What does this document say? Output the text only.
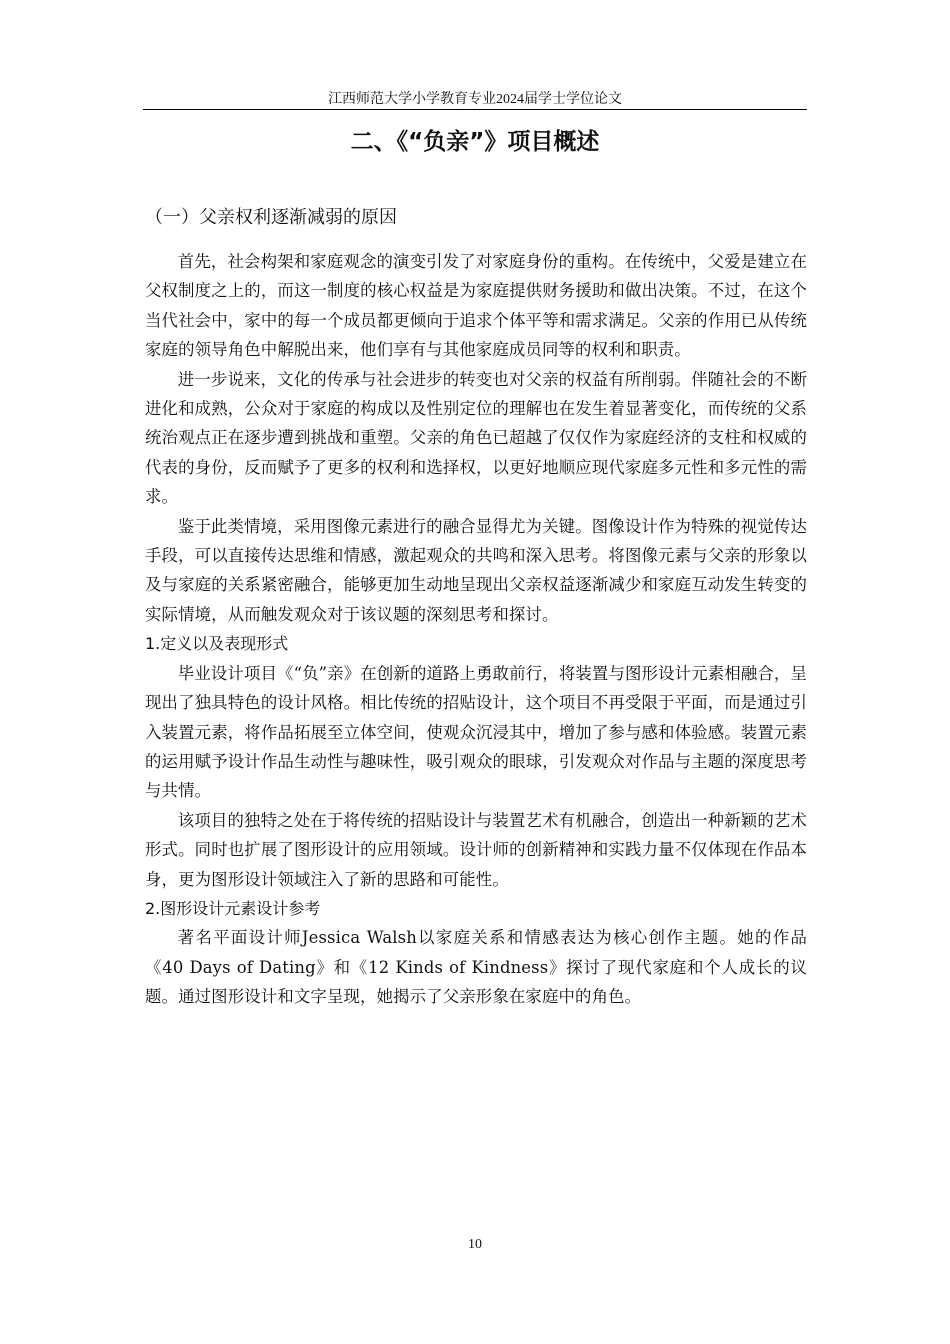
江西师范大学小学教育专业2024届学士学位论文
二、《“负亲”》项目概述
（一）父亲权利逐渐减弱的原因

首先，社会构架和家庭观念的演变引发了对家庭身份的重构。在传统中，父爱是建立在父权制度之上的，而这一制度的核心权益是为家庭提供财务援助和做出决策。不过，在这个当代社会中，家中的每一个成员都更倾向于追求个体平等和需求满足。父亲的作用已从传统家庭的领导角色中解脱出来，他们享有与其他家庭成员同等的权利和职责。

进一步说来，文化的传承与社会进步的转变也对父亲的权益有所削弱。伴随社会的不断进化和成熟，公众对于家庭的构成以及性别定位的理解也在发生着显著变化，而传统的父系统治观点正在逐步遭到挑战和重塑。父亲的角色已超越了仅仅作为家庭经济的支柱和权威的代表的身份，反而赋予了更多的权利和选择权，以更好地顺应现代家庭多元性和多元性的需求。

鉴于此类情境，采用图像元素进行的融合显得尤为关键。图像设计作为特殊的视觉传达手段，可以直接传达思维和情感，激起观众的共鸣和深入思考。将图像元素与父亲的形象以及与家庭的关系紧密融合，能够更加生动地呈现出父亲权益逐渐减少和家庭互动发生转变的实际情境，从而触发观众对于该议题的深刻思考和探讨。

1.定义以及表现形式

毕业设计项目《“负”亲》在创新的道路上勇敢前行，将装置与图形设计元素相融合，呈现出了独具特色的设计风格。相比传统的招贴设计，这个项目不再受限于平面，而是通过引入装置元素，将作品拓展至立体空间，使观众沉浸其中，增加了参与感和体验感。装置元素的运用赋予设计作品生动性与趣味性，吸引观众的眼球，引发观众对作品与主题的深度思考与共情。

该项目的独特之处在于将传统的招贴设计与装置艺术有机融合，创造出一种新颖的艺术形式。同时也扩展了图形设计的应用领域。设计师的创新精神和实践力量不仅体现在作品本身，更为图形设计领域注入了新的思路和可能性。

2.图形设计元素设计参考

著名平面设计师Jessica Walsh以家庭关系和情感表达为核心创作主题。她的作品《40 Days of Dating》和《12 Kinds of Kindness》探讨了现代家庭和个人成长的议题。通过图形设计和文字呈现，她揭示了父亲形象在家庭中的角色。

10
